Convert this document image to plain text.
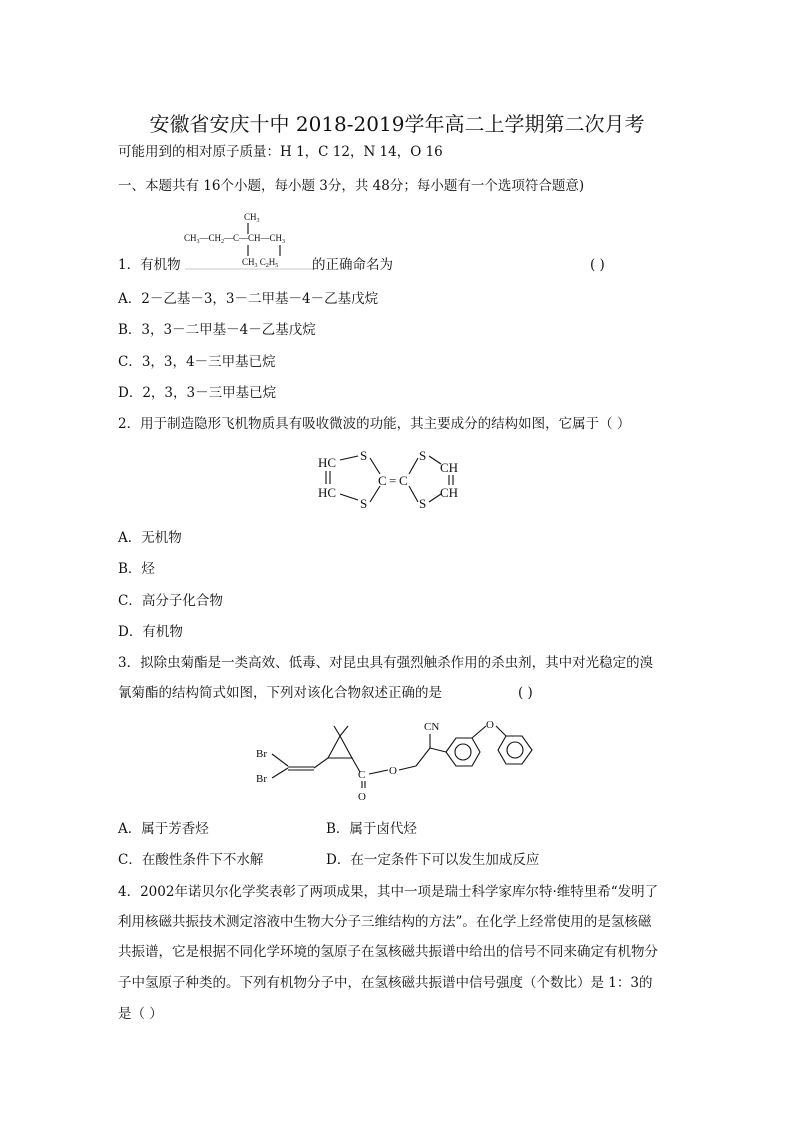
安徽省安庆十中 2018-2019学年高二上学期第二次月考
可能用到的相对原子质量：H 1，C 12，N 14，O 16
一、本题共有 16个小题，每小题 3分，共 48分；每小题有一个选项符合题意)
$CH_3$
$CH_3—CH_2—C—CH—CH_3$
$CH_3$ $C_2H_5$
1．有机物	的正确命名为	( )
A．2－乙基－3，3－二甲基－4－乙基戊烷
B．3，3－二甲基－4－乙基戊烷
C．3，3，4－三甲基已烷
D．2，3，3－三甲基已烷
2．用于制造隐形飞机物质具有吸收微波的功能，其主要成分的结构如图，它属于（ ）
HC
HC
S
S
C = C
S
S
CH
CH
A．无机物
B．烃
C．高分子化合物
D．有机物
3．拟除虫菊酯是一类高效、低毒、对昆虫具有强烈触杀作用的杀虫剂，其中对光稳定的溴
氰菊酯的结构简式如图，下列对该化合物叙述正确的是	( )
Br
Br	C
O
O
CN	O
A．属于芳香烃	B．属于卤代烃
C．在酸性条件下不水解	D．在一定条件下可以发生加成反应
4．2002年诺贝尔化学奖表彰了两项成果，其中一项是瑞士科学家库尔特·维特里希“发明了
利用核磁共振技术测定溶液中生物大分子三维结构的方法”。在化学上经常使用的是氢核磁
共振谱，它是根据不同化学环境的氢原子在氢核磁共振谱中给出的信号不同来确定有机物分
子中氢原子种类的。下列有机物分子中，在氢核磁共振谱中信号强度（个数比）是 1：3的
是（ ）
